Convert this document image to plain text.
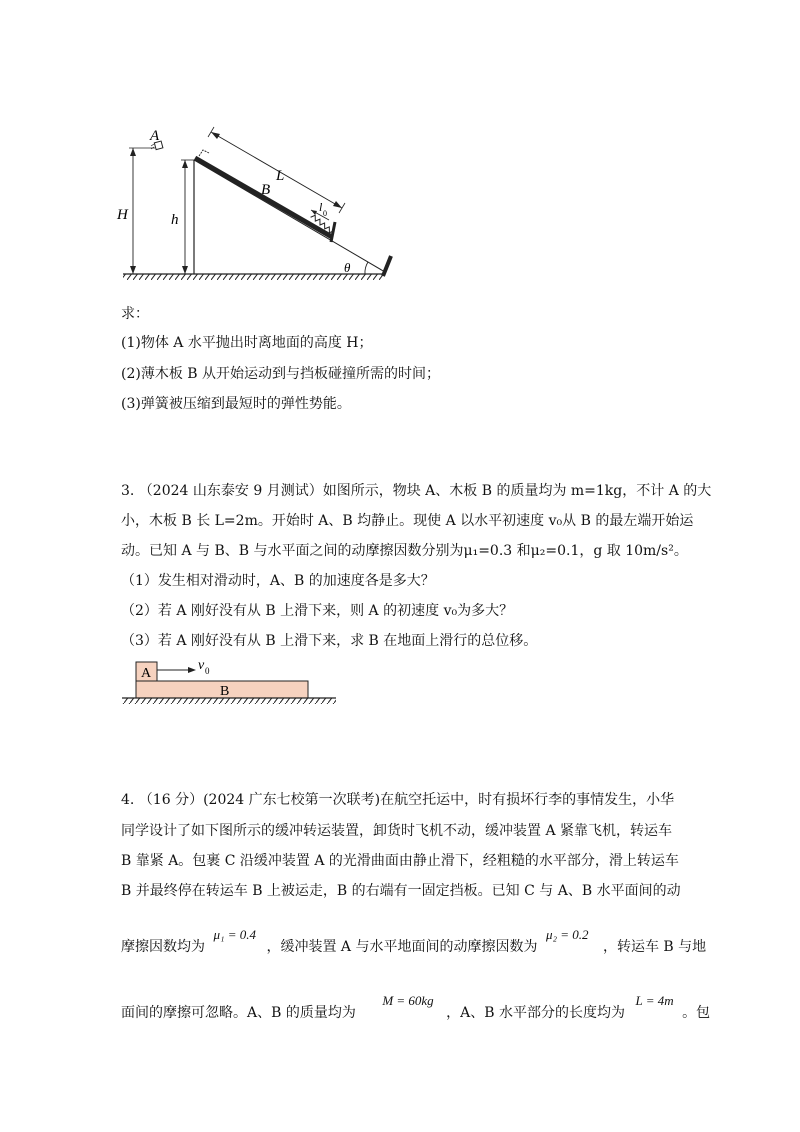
A
H	h
L
B
l 0
θ
求：
(1)物体 A 水平抛出时离地面的高度 H；
(2)薄木板 B 从开始运动到与挡板碰撞所需的时间；
(3)弹簧被压缩到最短时的弹性势能。
3. （2024 山东泰安 9 月测试）如图所示，物块 A、木板 B 的质量均为 m=1kg，不计 A 的大
小，木板 B 长 L=2m。开始时 A、B 均静止。现使 A 以水平初速度 v₀从 B 的最左端开始运
动。已知 A 与 B、B 与水平面之间的动摩擦因数分别为μ₁=0.3 和μ₂=0.1，g 取 10m/s²。
（1）发生相对滑动时，A、B 的加速度各是多大？
（2）若 A 刚好没有从 B 上滑下来，则 A 的初速度 v₀为多大？
（3）若 A 刚好没有从 B 上滑下来，求 B 在地面上滑行的总位移。
A
B
v 0
4. （16 分）(2024 广东七校第一次联考)在航空托运中，时有损坏行李的事情发生，小华
同学设计了如下图所示的缓冲转运装置，卸货时飞机不动，缓冲装置 A 紧靠飞机，转运车
B 靠紧 A。包裹 C 沿缓冲装置 A 的光滑曲面由静止滑下，经粗糙的水平部分，滑上转运车
B 并最终停在转运车 B 上被运走，B 的右端有一固定挡板。已知 C 与 A、B 水平面间的动
摩擦因数均为 μ₁ = 0.4 ，缓冲装置 A 与水平地面间的动摩擦因数为 μ₂ = 0.2 ，转运车 B 与地
面间的摩擦可忽略。A、B 的质量均为 M = 60kg ，A、B 水平部分的长度均为 L = 4m 。包
